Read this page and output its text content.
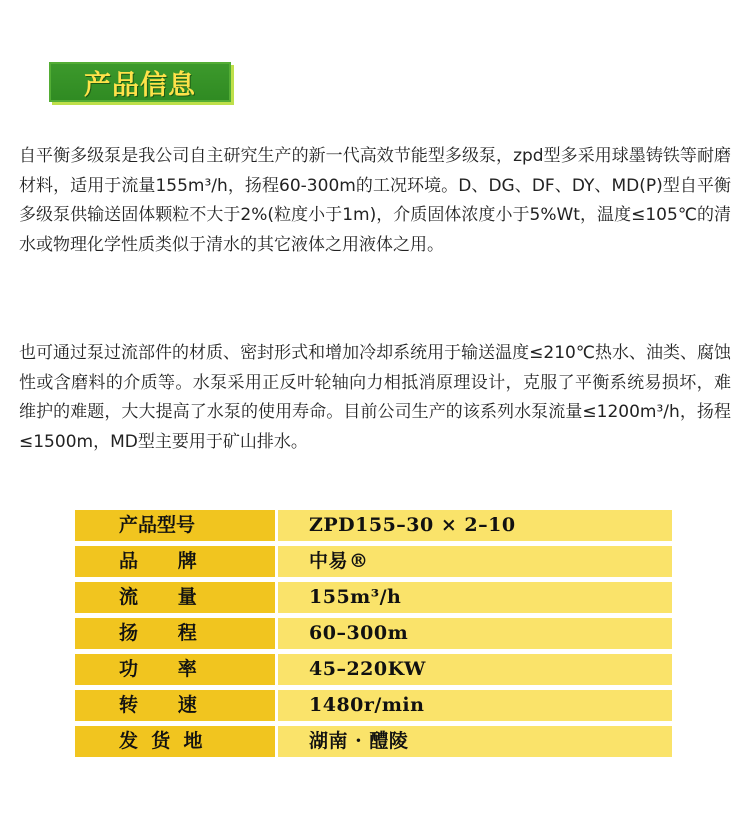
产品信息

自平衡多级泵是我公司自主研究生产的新一代高效节能型多级泵，zpd型多采用球墨铸铁等耐磨材料，适用于流量155m³/h，扬程60-300m的工况环境。D、DG、DF、DY、MD(P)型自平衡多级泵供输送固体颗粒不大于2%(粒度小于1m)，介质固体浓度小于5%Wt，温度≤105℃的清水或物理化学性质类似于清水的其它液体之用液体之用。

也可通过泵过流部件的材质、密封形式和增加冷却系统用于输送温度≤210℃热水、油类、腐蚀性或含磨料的介质等。水泵采用正反叶轮轴向力相抵消原理设计，克服了平衡系统易损坏，难维护的难题，大大提高了水泵的使用寿命。目前公司生产的该系列水泵流量≤1200m³/h，扬程≤1500m，MD型主要用于矿山排水。

产品型号	ZPD155–30 × 2–10
品      牌	中易®
流      量	155m³/h
扬      程	60–300m
功      率	45–220KW
转      速	1480r/min
发  货  地	湖南 · 醴陵
